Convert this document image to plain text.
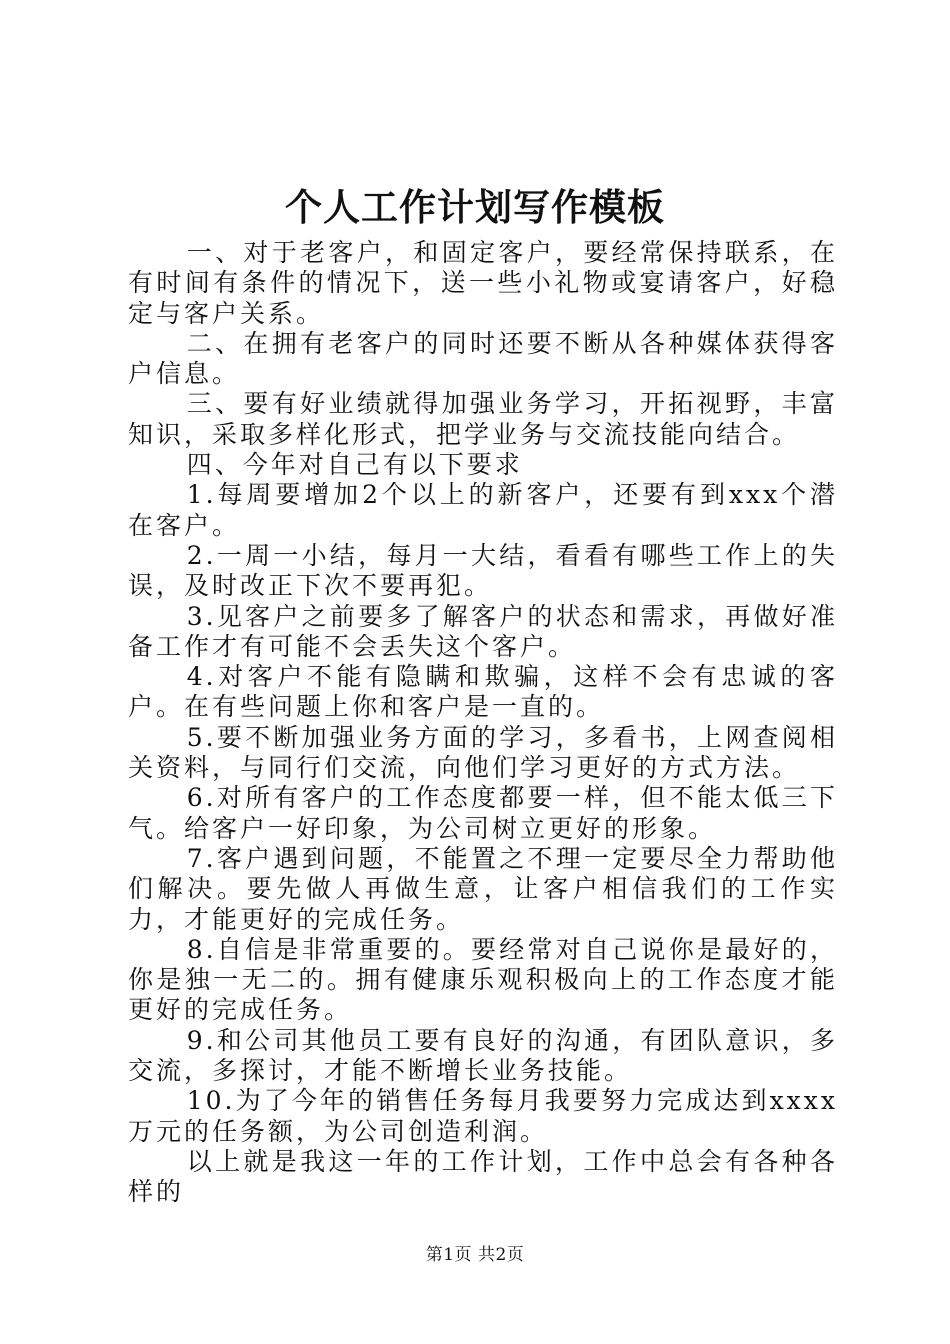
个人工作计划写作模板

一、对于老客户，和固定客户，要经常保持联系，在有时间有条件的情况下，送一些小礼物或宴请客户，好稳定与客户关系。

二、在拥有老客户的同时还要不断从各种媒体获得客户信息。

三、要有好业绩就得加强业务学习，开拓视野，丰富知识，采取多样化形式，把学业务与交流技能向结合。

四、今年对自己有以下要求

1.每周要增加2个以上的新客户，还要有到xxx个潜在客户。

2.一周一小结，每月一大结，看看有哪些工作上的失误，及时改正下次不要再犯。

3.见客户之前要多了解客户的状态和需求，再做好准备工作才有可能不会丢失这个客户。

4.对客户不能有隐瞒和欺骗，这样不会有忠诚的客户。在有些问题上你和客户是一直的。

5.要不断加强业务方面的学习，多看书，上网查阅相关资料，与同行们交流，向他们学习更好的方式方法。

6.对所有客户的工作态度都要一样，但不能太低三下气。给客户一好印象，为公司树立更好的形象。

7.客户遇到问题，不能置之不理一定要尽全力帮助他们解决。要先做人再做生意，让客户相信我们的工作实力，才能更好的完成任务。

8.自信是非常重要的。要经常对自己说你是最好的，你是独一无二的。拥有健康乐观积极向上的工作态度才能更好的完成任务。

9.和公司其他员工要有良好的沟通，有团队意识，多交流，多探讨，才能不断增长业务技能。

10.为了今年的销售任务每月我要努力完成达到xxxx万元的任务额，为公司创造利润。

以上就是我这一年的工作计划，工作中总会有各种各样的

第1页 共2页
